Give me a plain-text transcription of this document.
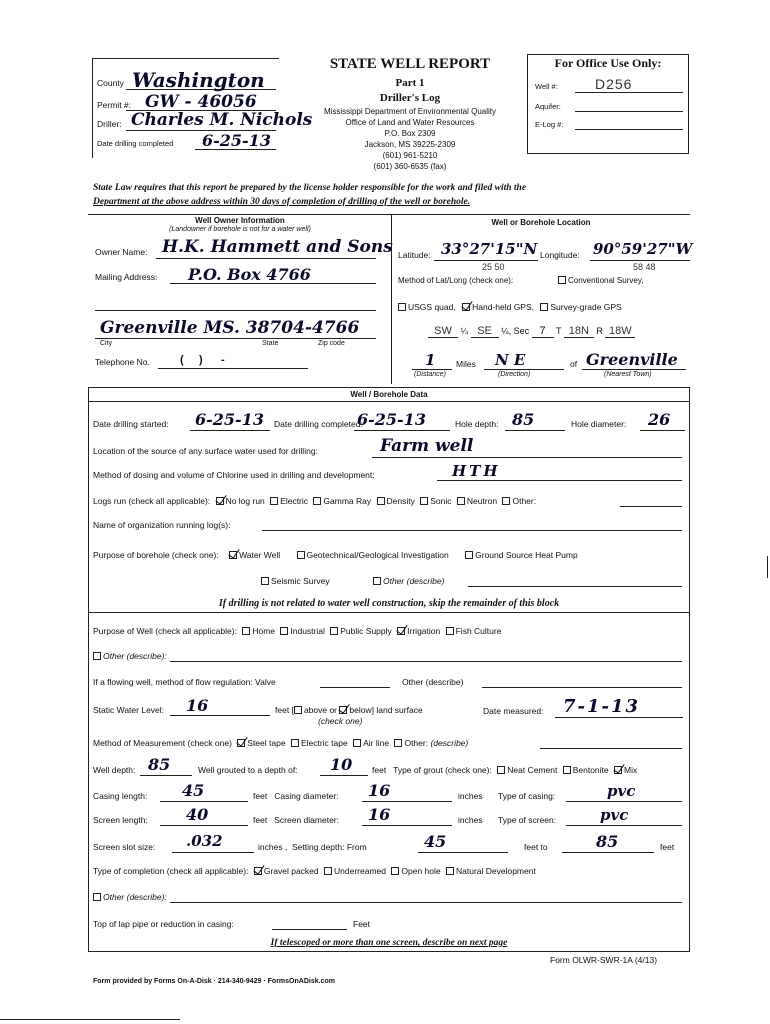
County Washington
Permit #: GW - 46056
Driller: Charles M. Nichols
Date drilling completed 6-25-13
STATE WELL REPORT
Part 1
Driller's Log
Mississippi Department of Environmental Quality
Office of Land and Water Resources
P.O. Box 2309
Jackson, MS 39225-2309
(601) 961-5210
(601) 360-6535 (fax)
For Office Use Only:
Well #:	D256
Aquifer:
E-Log #:
State Law requires that this report be prepared by the license holder responsible for the work and filed with the
Department at the above address within 30 days of completion of drilling of the well or borehole.
Well Owner Information
(Landowner if borehole is not for a water well)
Owner Name: H.K. Hammett and Sons
Mailing Address: P.O. Box 4766
Greenville MS. 38704-4766
City	State	Zip code
Telephone No.	(     )      -
Well or Borehole Location
Latitude: 33°27'15"N Longitude: 90°59'27"W
25 50	58 48
Method of Lat/Long (check one):	Conventional Survey,
USGS quad, Hand-held GPS, Survey-grade GPS
SW ¼ SE ¼, Sec 7 T 18N R 18W
1 Miles N E	of Greenville
(Distance)	(Direction)	(Nearest Town)
Well / Borehole Data
Date drilling started: 6-25-13 Date drilling completed:
6-25-13	Hole depth: 85	Hole diameter: 26
Location of the source of any surface water used for drilling:	Farm well
Method of dosing and volume of Chlorine used in drilling and development:	HTH
Logs run (check all applicable): No log run Electric Gamma Ray Density Sonic Neutron Other:
Name of organization running log(s):
Purpose of borehole (check one): Water Well	Geotechnical/Geological Investigation	Ground Source Heat Pump
Seismic Survey	Other (describe)
If drilling is not related to water well construction, skip the remainder of this block
Purpose of Well (check all applicable): Home Industrial Public Supply Irrigation Fish Culture
Other (describe):
If a flowing well, method of flow regulation: Valve	Other (describe)
Static Water Level: 16	feet [ above or below] land surface
(check one)
Date measured: 7-1-13
Method of Measurement (check one) Steel tape Electric tape Air line Other: (describe)
Well depth: 85	Well grouted to a depth of: 10 feet   Type of grout (check one): Neat Cement Bentonite Mix
Casing length: 45	feet   Casing diameter: 16	inches Type of casing:	pvc
Screen length: 40	feet   Screen diameter: 16	inches Type of screen:	pvc
Screen slot size: .032	inches ,  Setting depth: From	45	feet to	85	feet
Type of completion (check all applicable): Gravel packed Underreamed Open hole Natural Development
Other (describe):
Top of lap pipe or reduction in casing:	Feet
If telescoped or more than one screen, describe on next page
Form OLWR-SWR-1A (4/13)
Form provided by Forms On-A-Disk · 214-340-9429 · FormsOnADisk.com
